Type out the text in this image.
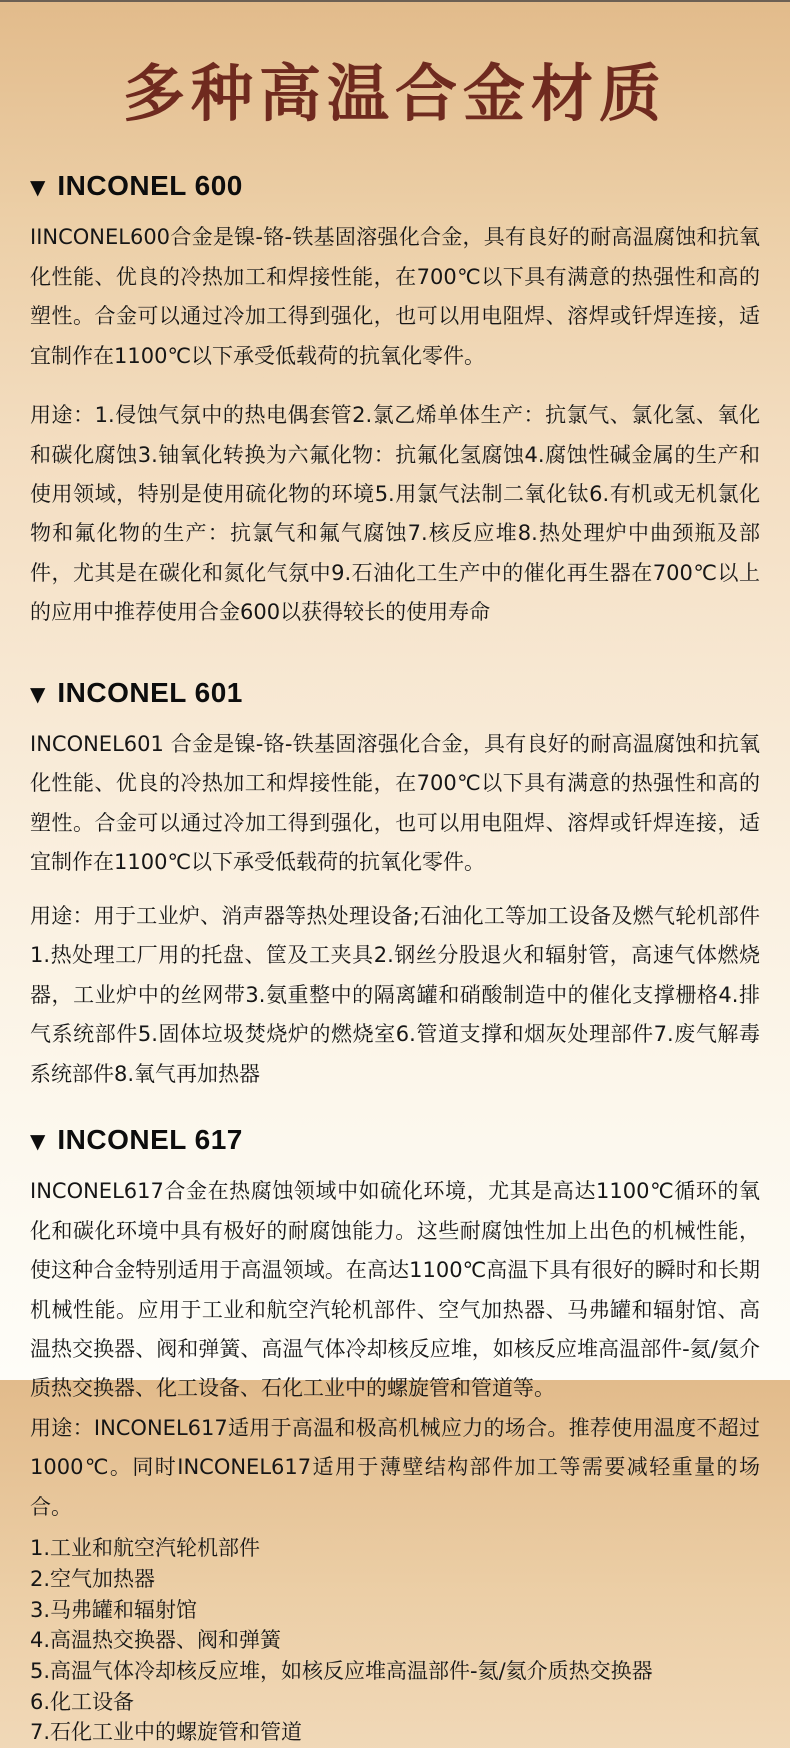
多种高温合金材质
▼ INCONEL 600

IINCONEL600合金是镍-铬-铁基固溶强化合金，具有良好的耐高温腐蚀和抗氧化性能、优良的冷热加工和焊接性能，在700℃以下具有满意的热强性和高的塑性。合金可以通过冷加工得到强化，也可以用电阻焊、溶焊或钎焊连接，适宜制作在1100℃以下承受低载荷的抗氧化零件。

用途：1.侵蚀气氛中的热电偶套管2.氯乙烯单体生产：抗氯气、氯化氢、氧化和碳化腐蚀3.铀氧化转换为六氟化物：抗氟化氢腐蚀4.腐蚀性碱金属的生产和使用领域，特别是使用硫化物的环境5.用氯气法制二氧化钛6.有机或无机氯化物和氟化物的生产：抗氯气和氟气腐蚀7.核反应堆8.热处理炉中曲颈瓶及部件，尤其是在碳化和氮化气氛中9.石油化工生产中的催化再生器在700℃以上的应用中推荐使用合金600以获得较长的使用寿命

▼ INCONEL 601

INCONEL601 合金是镍-铬-铁基固溶强化合金，具有良好的耐高温腐蚀和抗氧化性能、优良的冷热加工和焊接性能，在700℃以下具有满意的热强性和高的塑性。合金可以通过冷加工得到强化，也可以用电阻焊、溶焊或钎焊连接，适宜制作在1100℃以下承受低载荷的抗氧化零件。

用途：用于工业炉、消声器等热处理设备;石油化工等加工设备及燃气轮机部件1.热处理工厂用的托盘、筐及工夹具2.钢丝分股退火和辐射管，高速气体燃烧器，工业炉中的丝网带3.氨重整中的隔离罐和硝酸制造中的催化支撑栅格4.排气系统部件5.固体垃圾焚烧炉的燃烧室6.管道支撑和烟灰处理部件7.废气解毒系统部件8.氧气再加热器

▼ INCONEL 617

INCONEL617合金在热腐蚀领域中如硫化环境，尤其是高达1100℃循环的氧化和碳化环境中具有极好的耐腐蚀能力。这些耐腐蚀性加上出色的机械性能，使这种合金特别适用于高温领域。在高达1100℃高温下具有很好的瞬时和长期机械性能。应用于工业和航空汽轮机部件、空气加热器、马弗罐和辐射馆、高温热交换器、阀和弹簧、高温气体冷却核反应堆，如核反应堆高温部件-氦/氦介质热交换器、化工设备、石化工业中的螺旋管和管道等。

用途：INCONEL617适用于高温和极高机械应力的场合。推荐使用温度不超过1000℃。同时INCONEL617适用于薄壁结构部件加工等需要减轻重量的场合。

1.工业和航空汽轮机部件
2.空气加热器
3.马弗罐和辐射馆
4.高温热交换器、阀和弹簧
5.高温气体冷却核反应堆，如核反应堆高温部件-氦/氦介质热交换器
6.化工设备
7.石化工业中的螺旋管和管道
